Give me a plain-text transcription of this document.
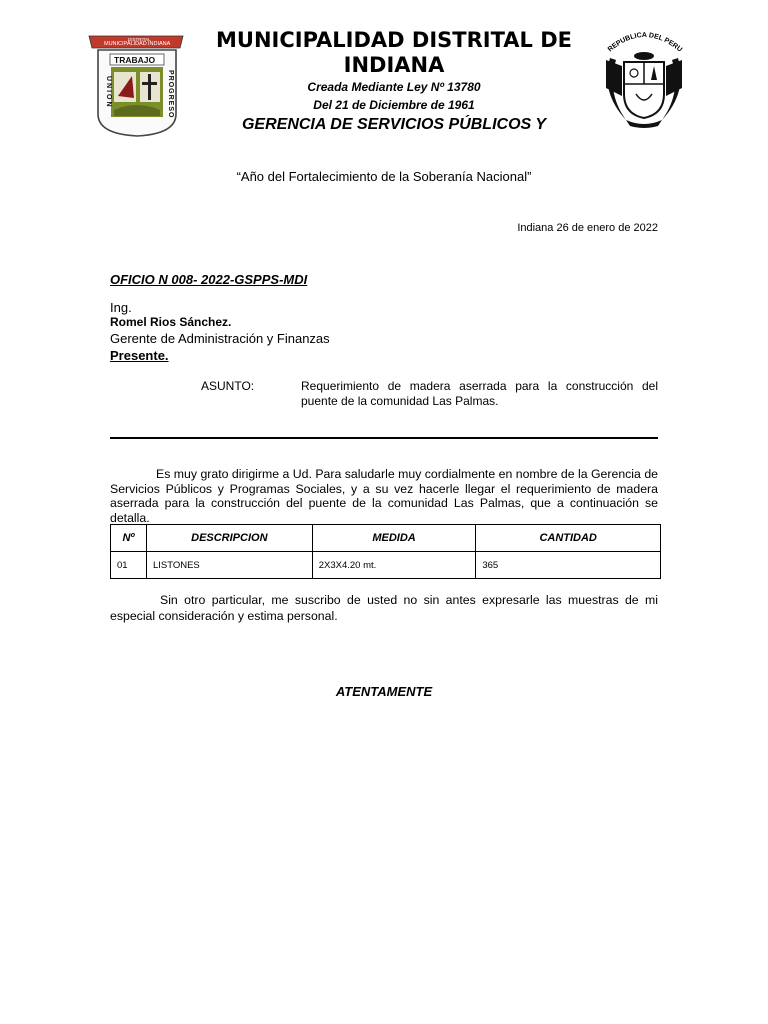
MUNICIPALIDAD
DISTRITAL
INDIANA
TRABAJO
UNION	PROGRESO
REPUBLICA DEL PERU
MUNICIPALIDAD DISTRITAL DE INDIANA
Creada Mediante Ley Nº 13780
Del 21 de Diciembre de 1961
GERENCIA DE SERVICIOS PÚBLICOS Y
“Año del Fortalecimiento de la Soberanía Nacional”
Indiana 26 de enero de 2022
OFICIO N 008- 2022-GSPPS-MDI
Ing.
Romel Rios Sánchez.
Gerente de Administración y Finanzas
Presente.
ASUNTO:	Requerimiento de madera aserrada para la construcción del puente de la comunidad Las Palmas.
Es muy grato dirigirme a Ud. Para saludarle muy cordialmente en nombre de la Gerencia de Servicios Públicos y Programas Sociales, y a su vez hacerle llegar el requerimiento de madera aserrada para la construcción del puente de la comunidad Las Palmas, que a continuación se detalla.
Nº	DESCRIPCION	MEDIDA	CANTIDAD
01	LISTONES	2X3X4.20 mt.	365
Sin otro particular, me suscribo de usted no sin antes expresarle las muestras de mi especial consideración y estima personal.
ATENTAMENTE
